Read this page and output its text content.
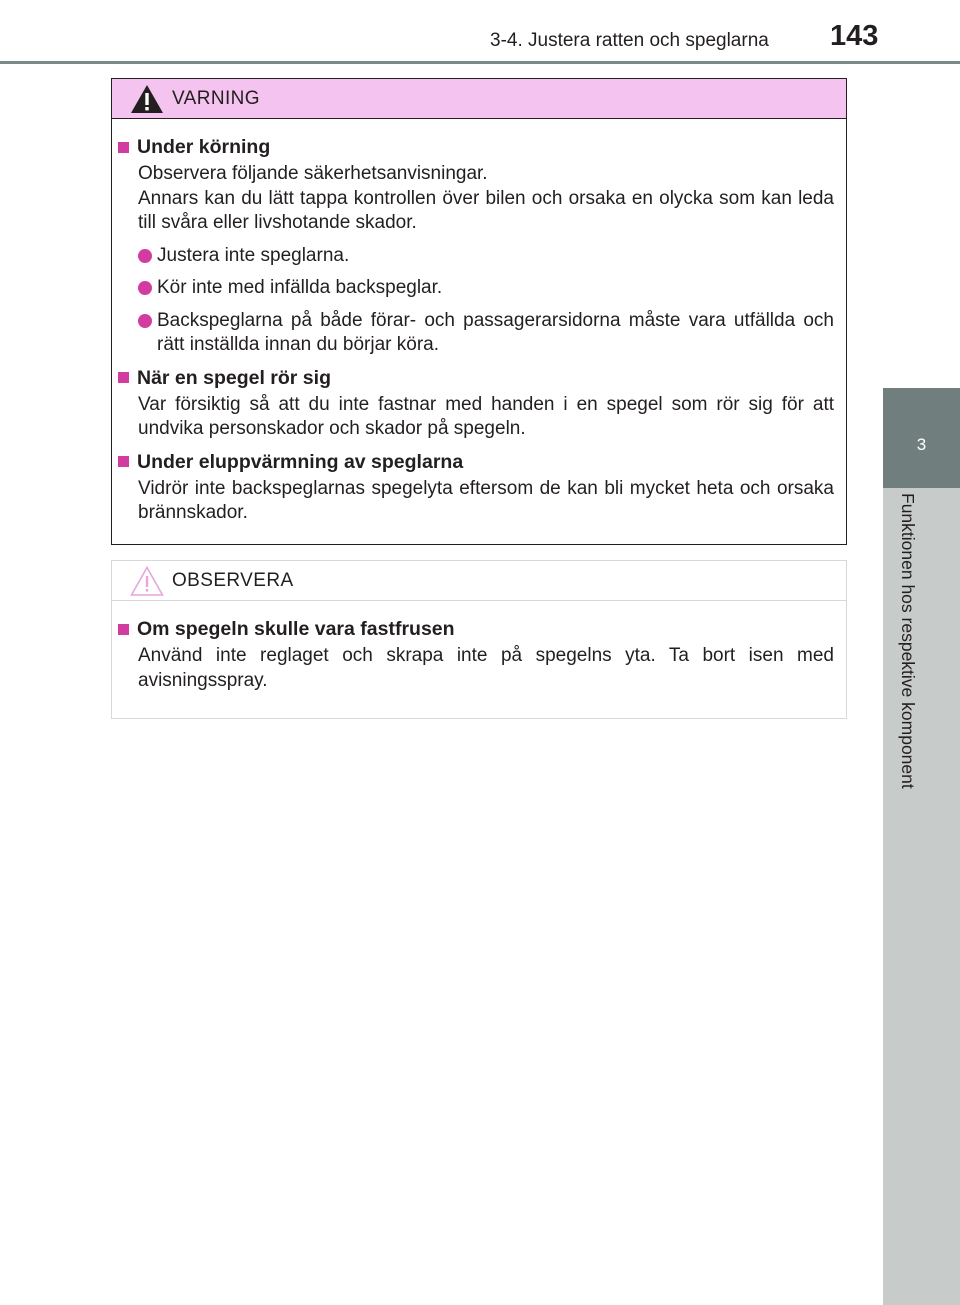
3-4. Justera ratten och speglarna 143
3
Funktionen hos respektive komponent
VARNING
Under körning
Observera följande säkerhetsanvisningar.
Annars kan du lätt tappa kontrollen över bilen och orsaka en olycka som kan leda till svåra eller livshotande skador.
Justera inte speglarna.
Kör inte med infällda backspeglar.
Backspeglarna på både förar- och passagerarsidorna måste vara utfällda och rätt inställda innan du börjar köra.
När en spegel rör sig
Var försiktig så att du inte fastnar med handen i en spegel som rör sig för att undvika personskador och skador på spegeln.
Under eluppvärmning av speglarna
Vidrör inte backspeglarnas spegelyta eftersom de kan bli mycket heta och orsaka brännskador.
OBSERVERA
Om spegeln skulle vara fastfrusen
Använd inte reglaget och skrapa inte på spegelns yta. Ta bort isen med avisningsspray.
